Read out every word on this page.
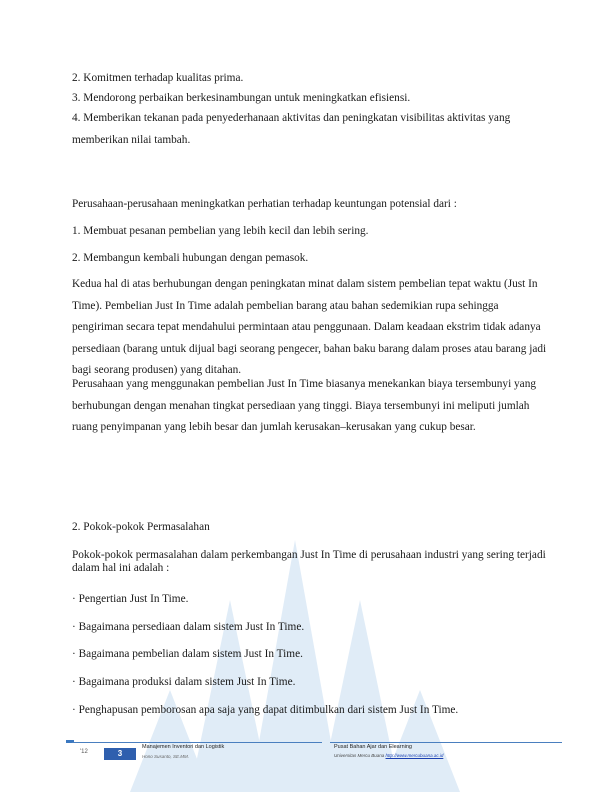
2. Komitmen terhadap kualitas prima.

3. Mendorong perbaikan berkesinambungan untuk meningkatkan efisiensi.

4. Memberikan tekanan pada penyederhanaan aktivitas dan peningkatan visibilitas aktivitas yang memberikan nilai tambah.

Perusahaan-perusahaan meningkatkan perhatian terhadap keuntungan potensial dari :

1. Membuat pesanan pembelian yang lebih kecil dan lebih sering.

2. Membangun kembali hubungan dengan pemasok.

Kedua hal di atas berhubungan dengan peningkatan minat dalam sistem pembelian tepat waktu (Just In Time). Pembelian Just In Time adalah pembelian barang atau bahan sedemikian rupa sehingga pengiriman secara tepat mendahului permintaan atau penggunaan. Dalam keadaan ekstrim tidak adanya persediaan (barang untuk dijual bagi seorang pengecer, bahan baku barang dalam proses atau barang jadi bagi seorang produsen) yang ditahan.

Perusahaan yang menggunakan pembelian Just In Time biasanya menekankan biaya tersembunyi yang berhubungan dengan menahan tingkat persediaan yang tinggi. Biaya tersembunyi ini meliputi jumlah ruang penyimpanan yang lebih besar dan jumlah kerusakan–kerusakan yang cukup besar.

2. Pokok-pokok Permasalahan

Pokok-pokok permasalahan dalam perkembangan Just In Time di perusahaan industri yang sering terjadi dalam hal ini adalah :

· Pengertian Just In Time.

· Bagaimana persediaan dalam sistem Just In Time.

· Bagaimana pembelian dalam sistem Just In Time.

· Bagaimana produksi dalam sistem Just In Time.

· Penghapusan pemborosan apa saja yang dapat ditimbulkan dari sistem Just In Time.

'12	3
Manajemen Inventori dan Logistik
Hono Susanto, SE.MM.
Pusat Bahan Ajar dan Elearning
Universitas Mercu Buana http://www.mercubuana.ac.id
